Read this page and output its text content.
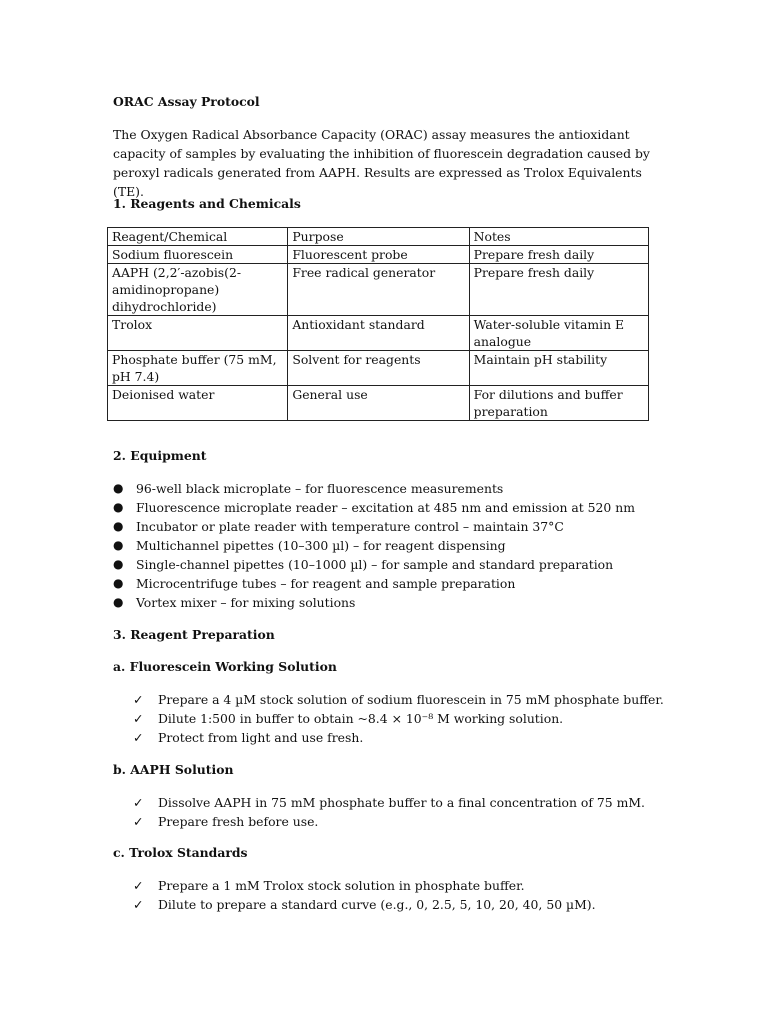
ORAC Assay Protocol
The Oxygen Radical Absorbance Capacity (ORAC) assay measures the antioxidant capacity of samples by evaluating the inhibition of fluorescein degradation caused by peroxyl radicals generated from AAPH. Results are expressed as Trolox Equivalents (TE).
1. Reagents and Chemicals
Reagent/Chemical	Purpose	Notes
Sodium fluorescein	Fluorescent probe	Prepare fresh daily
AAPH (2,2′-azobis(2-amidinopropane) dihydrochloride)	Free radical generator	Prepare fresh daily
Trolox	Antioxidant standard	Water-soluble vitamin E analogue
Phosphate buffer (75 mM, pH 7.4)	Solvent for reagents	Maintain pH stability
Deionised water	General use	For dilutions and buffer preparation
2. Equipment
● 96-well black microplate – for fluorescence measurements
● Fluorescence microplate reader – excitation at 485 nm and emission at 520 nm
● Incubator or plate reader with temperature control – maintain 37°C
● Multichannel pipettes (10–300 µl) – for reagent dispensing
● Single-channel pipettes (10–1000 µl) – for sample and standard preparation
● Microcentrifuge tubes – for reagent and sample preparation
● Vortex mixer – for mixing solutions
3. Reagent Preparation
a. Fluorescein Working Solution
✓ Prepare a 4 µM stock solution of sodium fluorescein in 75 mM phosphate buffer.
✓ Dilute 1:500 in buffer to obtain ~8.4 × 10⁻⁸ M working solution.
✓ Protect from light and use fresh.
b. AAPH Solution
✓ Dissolve AAPH in 75 mM phosphate buffer to a final concentration of 75 mM.
✓ Prepare fresh before use.
c. Trolox Standards
✓ Prepare a 1 mM Trolox stock solution in phosphate buffer.
✓ Dilute to prepare a standard curve (e.g., 0, 2.5, 5, 10, 20, 40, 50 µM).
